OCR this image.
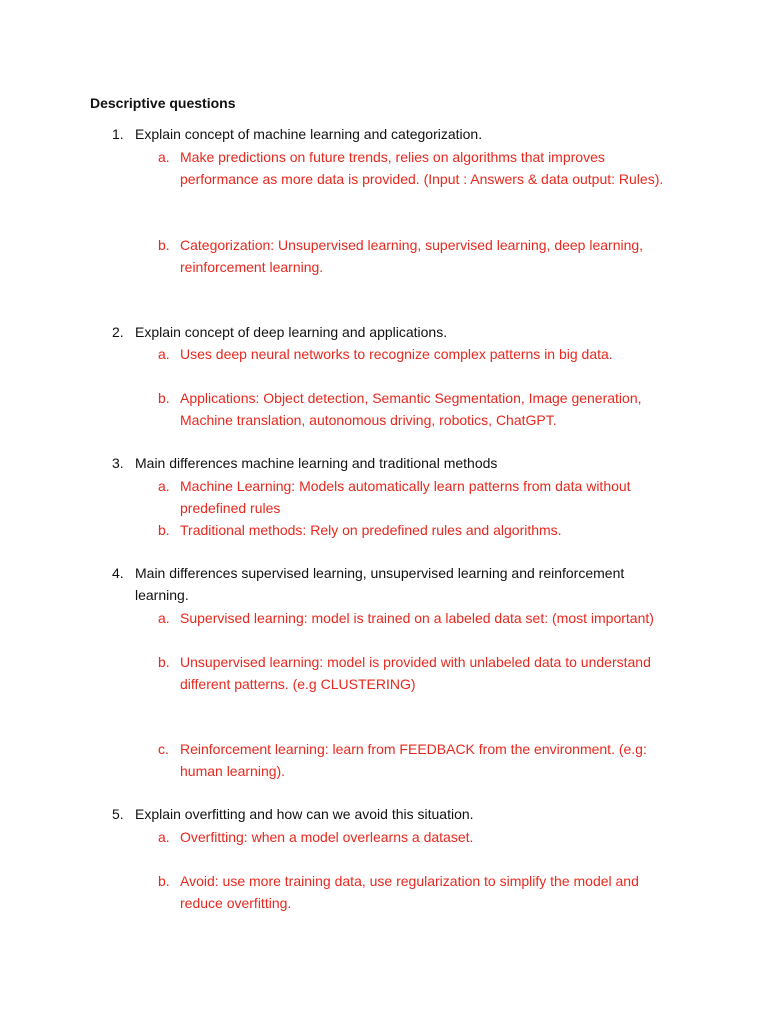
Descriptive questions
1. Explain concept of machine learning and categorization.
a. Make predictions on future trends, relies on algorithms that improves performance as more data is provided. (Input : Answers & data output: Rules).
b. Categorization: Unsupervised learning, supervised learning, deep learning, reinforcement learning.
2. Explain concept of deep learning and applications.
a. Uses deep neural networks to recognize complex patterns in big data.
b. Applications: Object detection, Semantic Segmentation, Image generation, Machine translation, autonomous driving, robotics, ChatGPT.
3. Main differences machine learning and traditional methods
a. Machine Learning: Models automatically learn patterns from data without predefined rules
b. Traditional methods: Rely on predefined rules and algorithms.
4. Main differences supervised learning, unsupervised learning and reinforcement learning.
a. Supervised learning: model is trained on a labeled data set: (most important)
b. Unsupervised learning: model is provided with unlabeled data to understand different patterns. (e.g CLUSTERING)
c. Reinforcement learning: learn from FEEDBACK from the environment. (e.g: human learning).
5. Explain overfitting and how can we avoid this situation.
a. Overfitting: when a model overlearns a dataset.
b. Avoid: use more training data, use regularization to simplify the model and reduce overfitting.
